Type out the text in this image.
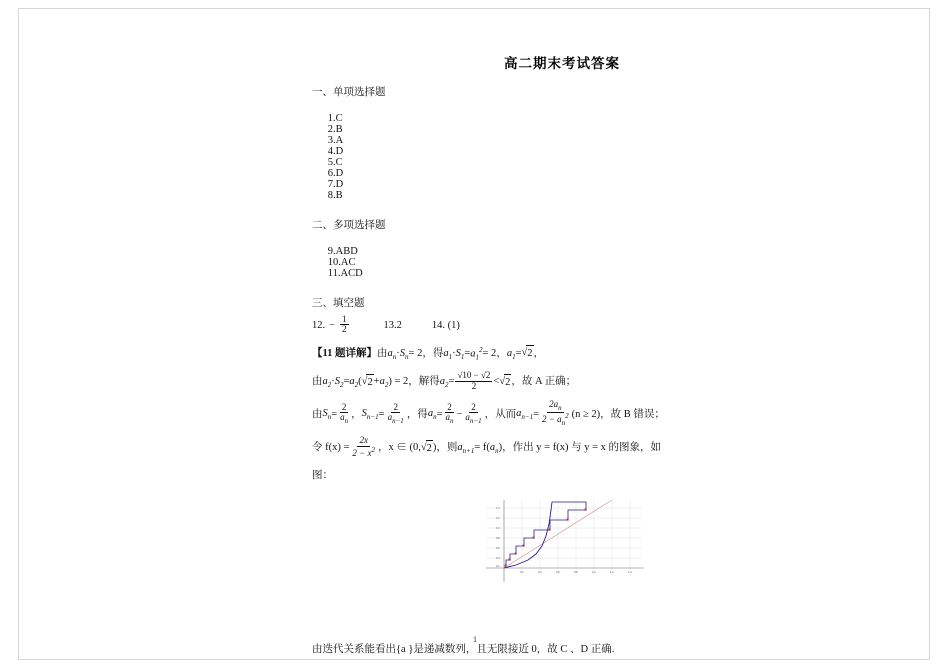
高二期末考试答案
一、单项选择题

1.C
2.B
3.A
4.D
5.C
6.D
7.D
8.B

二、多项选择题

9.ABD
10.AC
11.ACD

三、填空题
12. − $\frac{1}{2}$	13.2	14. (1)
【11 题详解】 由 $a_n \cdot S_n = 2$ ，得 $a_1 \cdot S_1 = a_1^2 = 2$ ， $a_1$ = √ 2 ，
由 $a_2 \cdot S_2 = a_2$ ( √ $2 + a_2$ ) = 2 ，解得 $a_2 = \frac{√10 - √2}{2}$ < √ 2 ，故 A 正确；
由 $S_n = \frac{2}{a_n}$ ， $S_{n-1} = \frac{2}{a_{n-1}}$ ，得 $a_n = \frac{2}{a_n} - \frac{2}{a_{n-1}}$ ，从而 $a_{n-1} = \frac{2a_n}{2 - a_n^2} (n \ge 2)$，故 B 错误；
令 $f(x) = \frac{2x}{2 - x^2}$ ，x ∈ (0, √ 2 )，则 $a_{n+1} = f$( $a_n$ )，作出 y = f(x) 与 y = x 的图象，如
图：
1.4
1.2
1.0
0.8
0.6
0.4
0.2
0.2	0.4	0.6	0.8	1.0	1.2	1.4
由迭代关系能看出{a }是递减数列，且无限接近 0，故 C 、D 正确.
1
